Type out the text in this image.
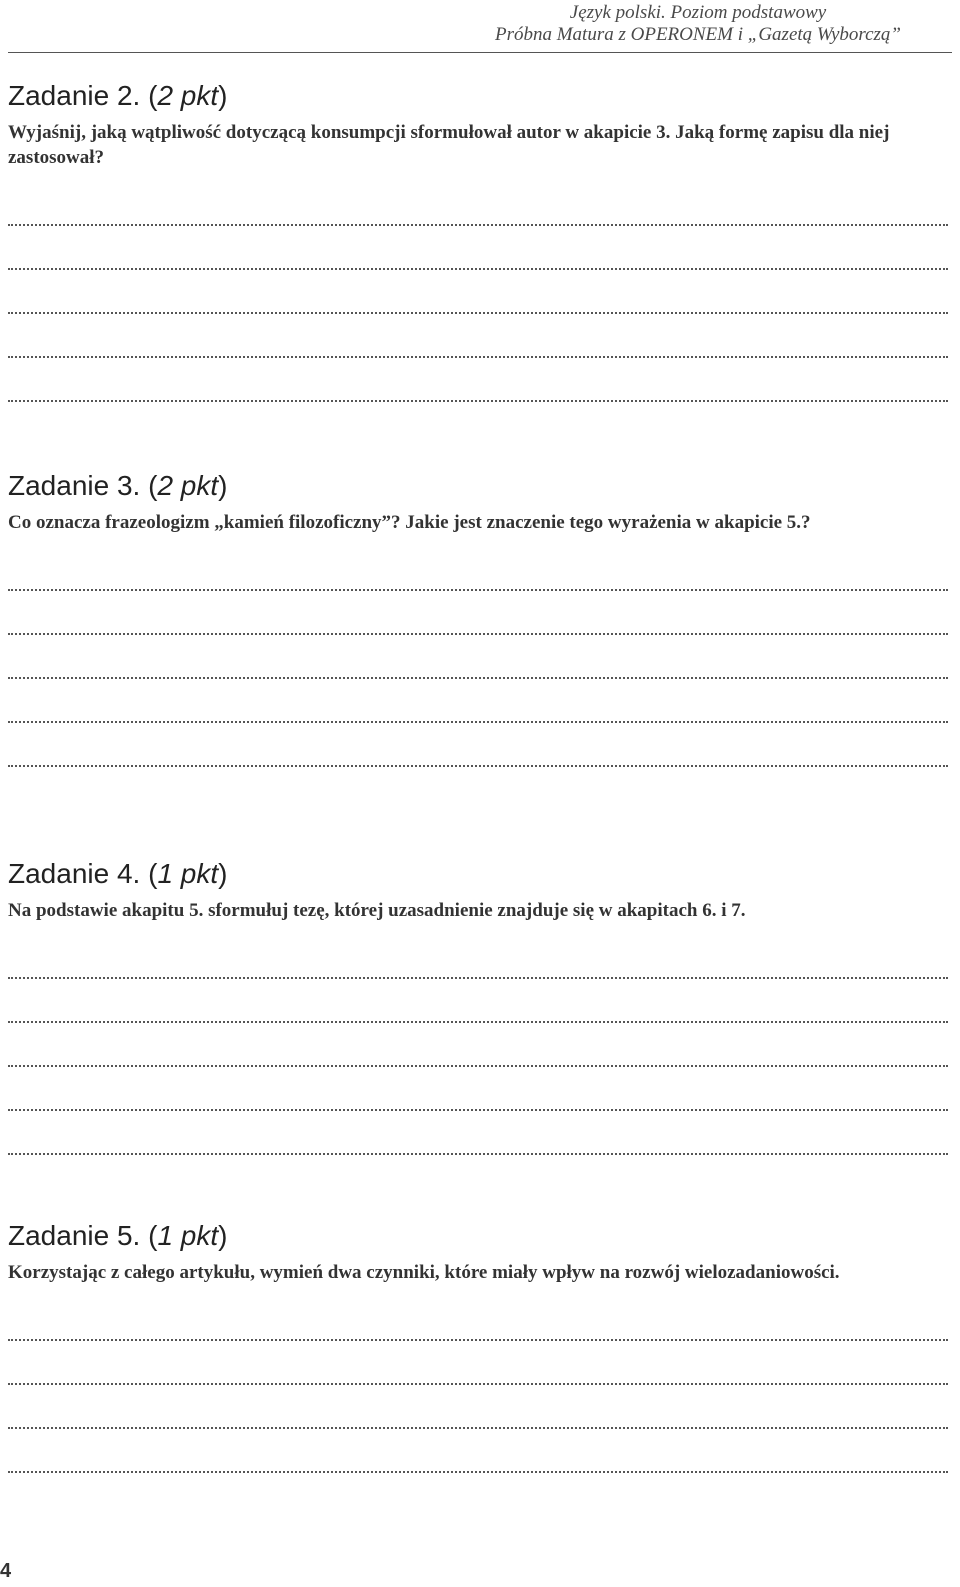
Język polski. Poziom podstawowy
Próbna Matura z OPERONEM i „Gazetą Wyborczą”
Zadanie 2. (2 pkt)

Wyjaśnij, jaką wątpliwość dotyczącą konsumpcji sformułował autor w akapicie 3. Jaką formę zapisu dla niej zastosował?

Zadanie 3. (2 pkt)

Co oznacza frazeologizm „kamień filozoficzny”? Jakie jest znaczenie tego wyrażenia w akapicie 5.?

Zadanie 4. (1 pkt)

Na podstawie akapitu 5. sformułuj tezę, której uzasadnienie znajduje się w akapitach 6. i 7.

Zadanie 5. (1 pkt)

Korzystając z całego artykułu, wymień dwa czynniki, które miały wpływ na rozwój wielozadaniowości.

4
